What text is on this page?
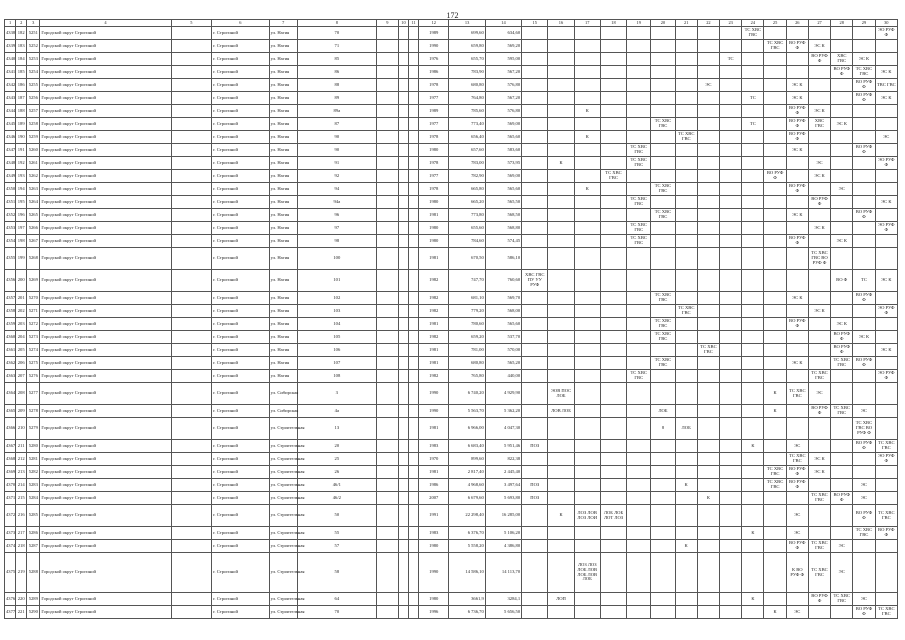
172
1	2	3	4	5	6	7	8	9	10	11	12	13	14	15	16	17	18	19	20	21	22	23	24	25	26	27	28	29	30
4338	182	5251	Городской округ Строгиной		г. Строгиной	ул. Нагия	70				1989	699,60	634,60										ТС ХВС ГВС						ЭО РУФ Ф
4339	183	5252	Городской округ Строгиной		г. Строгиной	ул. Нагия	71				1990	659,80	569,20											ТС ХВС ГВС	ВО РУФ Ф	ЭС К			
4340	184	5253	Городской округ Строгиной		г. Строгиной	ул. Нагия	85				1976	655,70	595,00									ТС				ВО РУФ Ф	ХВС ГВС	ЭС К	
4341	185	5254	Городской округ Строгиной		г. Строгиной	ул. Нагия	86				1986	783,90	567,20														ВО РУФ Ф	ТС ХВС ГВС	ЭС К
4342	186	5255	Городской округ Строгиной		г. Строгиной	ул. Нагия	88				1978	680,80	576,80								ЭС				ЭС К			ВО РУФ Ф	ТВС ГВС
4343	187	5256	Городской округ Строгиной		г. Строгиной	ул. Нагия	89				1977	764,80	567,20										ТС		ЭС К			ВО РУФ Ф	ЭС К
4344	188	5257	Городской округ Строгиной		г. Строгиной	ул. Нагия	89а				1989	785,60	576,80			К									ВО РУФ Ф	ЭС К			
4345	189	5258	Городской округ Строгиной		г. Строгиной	ул. Нагия	87				1977	773,40	569,00						ТС ХВС ГВС				ТС		ВО РУФ Ф	ХВС ГВС	ЭС К		
4346	190	5259	Городской округ Строгиной		г. Строгиной	ул. Нагия	90				1978	656,40	565,60			К				ТС ХВС ГВС					ВО РУФ Ф				ЭС
4347	191	5260	Городской округ Строгиной		г. Строгиной	ул. Нагия	90				1980	657,60	583,60					ТС ХВС ГВС							ЭС К			ВО РУФ Ф	
4348	192	5261	Городской округ Строгиной		г. Строгиной	ул. Нагия	91				1978	783,00	573,95		К			ТС ХВС ГВС								ЭС			ЭО РУФ Ф
4349	193	5262	Городской округ Строгиной		г. Строгиной	ул. Нагия	92				1977	782,90	569,00				ТС ХВС ГВС							ВО РУФ Ф		ЭС К			
4350	194	5263	Городской округ Строгиной		г. Строгиной	ул. Нагия	94				1978	665,80	565,60			К			ТС ХВС ГВС						ВО РУФ Ф		ЭС		
4351	195	5264	Городской округ Строгиной		г. Строгиной	ул. Нагия	94а				1980	665,20	565,50					ТС ХВС ГВС								ВО РУФ Ф			ЭС К
4352	196	5265	Городской округ Строгиной		г. Строгиной	ул. Нагия	96				1981	773,80	568,50						ТС ХВС ГВС						ЭС К			ВО РУФ Ф	
4353	197	5266	Городской округ Строгиной		г. Строгиной	ул. Нагия	97				1980	655,60	568,80					ТС ХВС ГВС								ЭС К			ЭО РУФ Ф
4354	198	5267	Городской округ Строгиной		г. Строгиной	ул. Нагия	98				1980	784,60	574,45					ТС ХВС ГВС							ВО РУФ Ф		ЭС К		
4355	199	5268	Городской округ Строгиной		г. Строгиной	ул. Нагия	100				1981	670,50	586,10													ТС ХВС ГВС ВО РУФ Ф			
4356	200	5269	Городской округ Строгиной		г. Строгиной	ул. Нагия	101				1982	747,70	760,60	ХВС ГВС ПУ УУ РУФ													ВО Ф	ТС	ЭС К
4357	201	5270	Городской округ Строгиной		г. Строгиной	ул. Нагия	102				1982	681,10	569,70						ТС ХВС ГВС						ЭС К			ВО РУФ Ф	
4358	202	5271	Городской округ Строгиной		г. Строгиной	ул. Нагия	103				1982	779,20	568,00							ТС ХВС ГВС						ЭС К			ЭО РУФ Ф
4359	203	5272	Городской округ Строгиной		г. Строгиной	ул. Нагия	104				1981	780,60	565,60						ТС ХВС ГВС						ВО РУФ Ф		ЭС К		
4360	204	5273	Городской округ Строгиной		г. Строгиной	ул. Нагия	105				1982	659,20	537,70						ТС ХВС ГВС								ВО РУФ Ф	ЭС К	
4361	205	5274	Городской округ Строгиной		г. Строгиной	ул. Нагия	106				1981	781,00	570,00								ТС ХВС ГВС						ВО РУФ Ф		ЭС К
4362	206	5275	Городской округ Строгиной		г. Строгиной	ул. Нагия	107				1981	680,80	565,20						ТС ХВС ГВС						ЭС К		ТС ХВС ГВС	ВО РУФ Ф	
4363	207	5276	Городской округ Строгиной		г. Строгиной	ул. Нагия	108				1982	765,80	440,00					ТС ХВС ГВС								ТС ХВС ГВС			ЭО РУФ Ф
4364	208	5277	Городской округ Строгиной		г. Строгиной	ул. Сибирская	3				1990	6 740,20	4 929,90		ЭОВ ПОС ЛОБ									К	ТС ХВС ГВС	ЭС			
4365	209	5278	Городской округ Строгиной		г. Строгиной	ул. Сибирская	4а				1990	5 563,70	5 362,20		ЛОВ ЛОБ				ЛОБ					К		ВО РУФ Ф	ТС ХВС ГВС	ЭС	
4366	210	5279	Городской округ Строгиной		г. Строгиной	ул. Строительная	13				1981	6 966,00	4 047,30						8	ЛОБ								ТС ХВС ГВС ВО РУФ Ф	
4367	211	5280	Городской округ Строгиной		г. Строгиной	ул. Строительная	20				1983	6 683,40	5 951,46	ПОЗ									К		ЭС			ВО РУФ Ф	ТС ХВС ГВС
4368	212	5281	Городской округ Строгиной		г. Строгиной	ул. Строительная	25				1970	899,60	822,38												ТС ХВС ГВС	ЭС К			ЭО РУФ Ф
4369	213	5282	Городской округ Строгиной		г. Строгиной	ул. Строительная	26				1981	2 817,40	2 445,40											ТС ХВС ГВС	ВО РУФ Ф	ЭС К			
4370	214	5283	Городской округ Строгиной		г. Строгиной	ул. Строительная	46/1				1986	4 968,60	3 497,64	ПОЗ						К				ТС ХВС ГВС	ВО РУФ Ф			ЭС	
4371	215	5284	Городской округ Строгиной		г. Строгиной	ул. Строительная	46/2				2007	6 679,60	5 693,80	ПОЗ							К					ТС ХВС ГВС	ВО РУФ Ф	ЭС	
4372	216	5285	Городской округ Строгиной		г. Строгиной	ул. Строительная	50				1991	22 298,40	16 285,00		К	ЛОЗ ЛОВ ЛОЗ ЛОИ	ЛОБ ЛОБ ЛОТ ЛОЗ								ЭС			ВО РУФ Ф	ТС ХВС ГВС
4373	217	5286	Городской округ Строгиной		г. Строгиной	ул. Строительная	55				1983	6 376,70	5 106,20										К		ЭС			ТС ХВС ГВС	ВО РУФ Ф
4374	218	5287	Городской округ Строгиной		г. Строгиной	ул. Строительная	57				1980	5 558,20	4 386,80							К					ВО РУФ Ф	ТС ХВС ГВС	ЭС		
4375	219	5288	Городской округ Строгиной		г. Строгиной	ул. Строительная	58				1990	14 586,10	14 113,70			ЛОЗ ЛОЗ ЛОБ ЛОВ ЛОБ ЛОВ ЛОБ									К ВО РУФ Ф	ТС ХВС ГВС	ЭС		
4376	220	5289	Городской округ Строгиной		г. Строгиной	ул. Строительная	64				1980	3661,9	3284,1		ЛОП								К			ВО РУФ Ф	ТС ХВС ГВС	ЭС	
4377	221	5290	Городской округ Строгиной		г. Строгиной	ул. Строительная	70				1996	6 736,70	5 656,50											К	ЭС			ВО РУФ Ф	ТС ХВС ГВС
